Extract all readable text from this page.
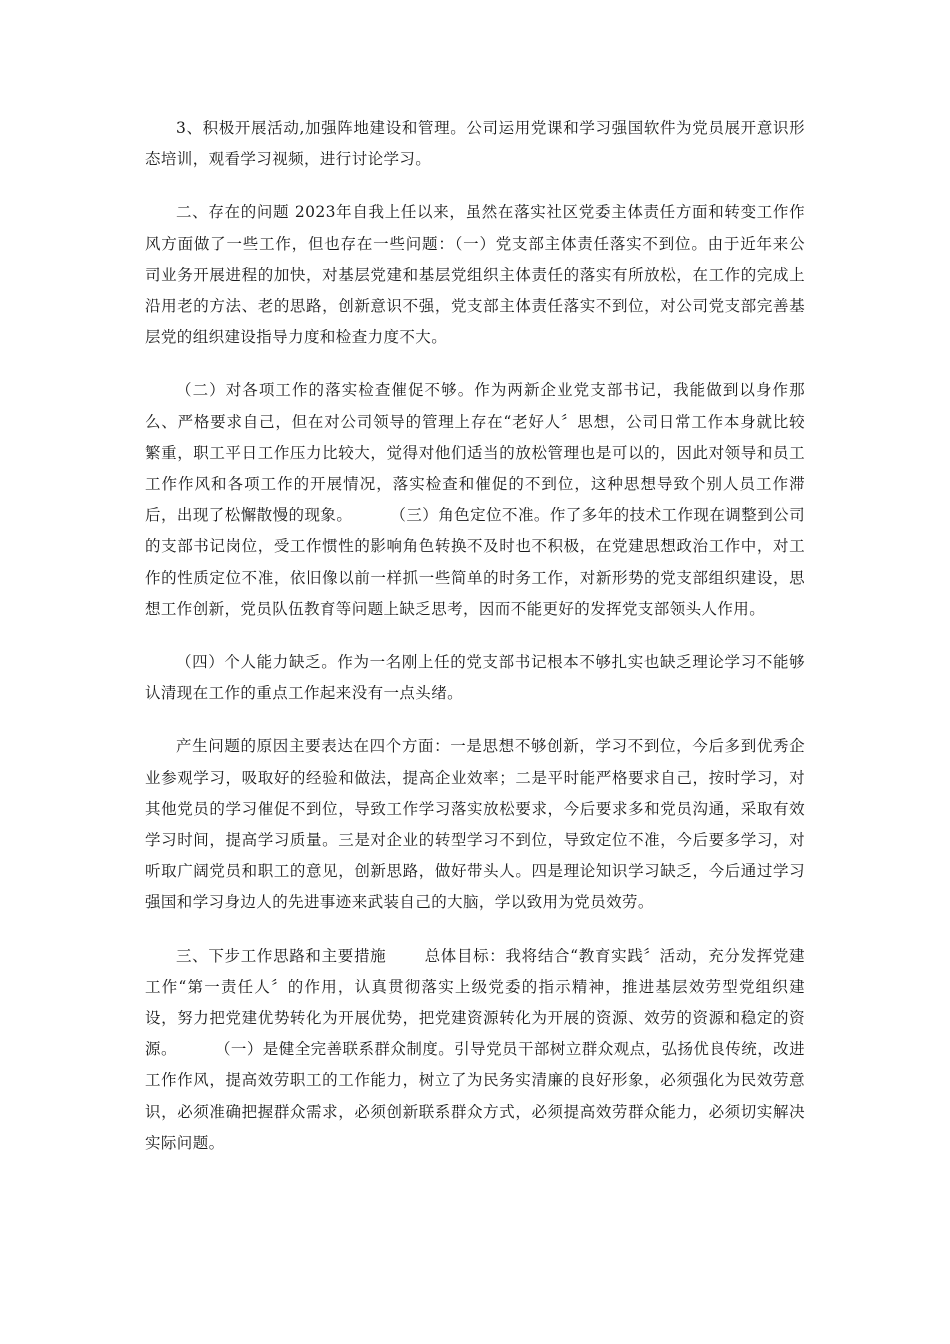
3、积极开展活动,加强阵地建设和管理。公司运用党课和学习强国软件为党员展开意识形态培训，观看学习视频，进行讨论学习。

二、存在的问题 2023年自我上任以来，虽然在落实社区党委主体责任方面和转变工作作风方面做了一些工作，但也存在一些问题：（一）党支部主体责任落实不到位。由于近年来公司业务开展进程的加快，对基层党建和基层党组织主体责任的落实有所放松，在工作的完成上沿用老的方法、老的思路，创新意识不强，党支部主体责任落实不到位，对公司党支部完善基层党的组织建设指导力度和检查力度不大。

（二）对各项工作的落实检查催促不够。作为两新企业党支部书记，我能做到以身作那么、严格要求自己，但在对公司领导的管理上存在“老好人〞思想，公司日常工作本身就比较繁重，职工平日工作压力比较大，觉得对他们适当的放松管理也是可以的，因此对领导和员工工作作风和各项工作的开展情况，落实检查和催促的不到位，这种思想导致个别人员工作滞后，出现了松懈散慢的现象。 （三）角色定位不准。作了多年的技术工作现在调整到公司的支部书记岗位，受工作惯性的影响角色转换不及时也不积极，在党建思想政治工作中，对工作的性质定位不准，依旧像以前一样抓一些简单的时务工作，对新形势的党支部组织建设，思想工作创新，党员队伍教育等问题上缺乏思考，因而不能更好的发挥党支部领头人作用。

（四）个人能力缺乏。作为一名刚上任的党支部书记根本不够扎实也缺乏理论学习不能够认清现在工作的重点工作起来没有一点头绪。

产生问题的原因主要表达在四个方面：一是思想不够创新，学习不到位，今后多到优秀企业参观学习，吸取好的经验和做法，提高企业效率；二是平时能严格要求自己，按时学习，对其他党员的学习催促不到位，导致工作学习落实放松要求，今后要求多和党员沟通，采取有效学习时间，提高学习质量。三是对企业的转型学习不到位，导致定位不准，今后要多学习，对听取广阔党员和职工的意见，创新思路，做好带头人。四是理论知识学习缺乏，今后通过学习强国和学习身边人的先进事迹来武装自己的大脑，学以致用为党员效劳。

三、下步工作思路和主要措施 总体目标：我将结合“教育实践〞活动，充分发挥党建工作“第一责任人〞的作用，认真贯彻落实上级党委的指示精神，推进基层效劳型党组织建设，努力把党建优势转化为开展优势，把党建资源转化为开展的资源、效劳的资源和稳定的资源。 （一）是健全完善联系群众制度。引导党员干部树立群众观点，弘扬优良传统，改进工作作风，提高效劳职工的工作能力，树立了为民务实清廉的良好形象，必须强化为民效劳意识，必须准确把握群众需求，必须创新联系群众方式，必须提高效劳群众能力，必须切实解决实际问题。
